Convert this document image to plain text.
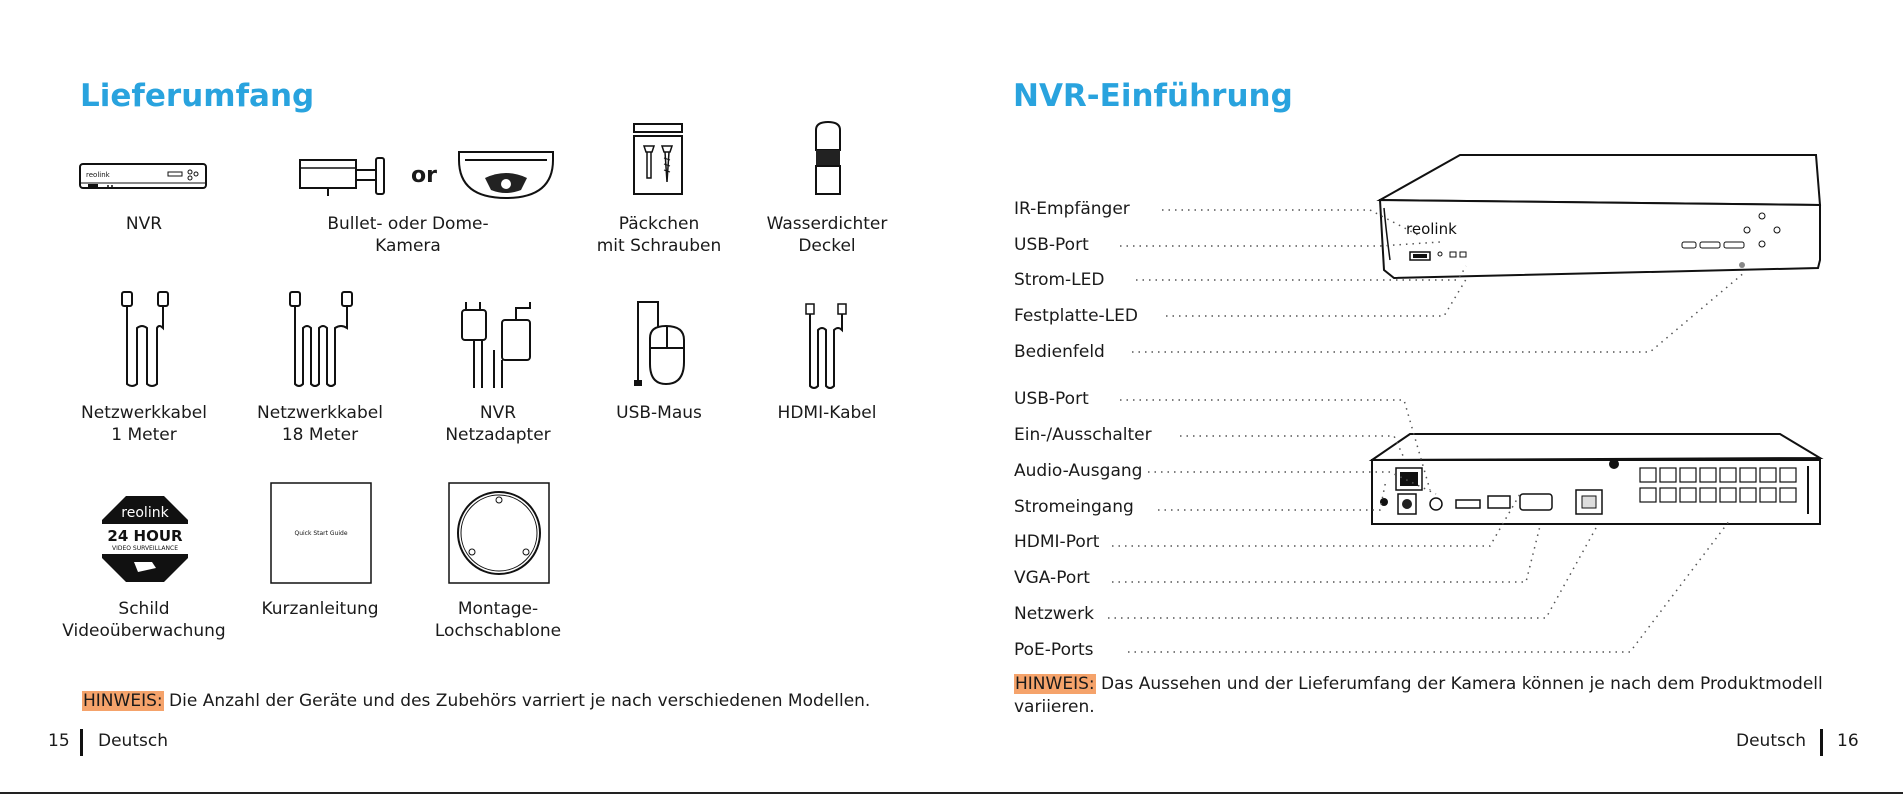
Lieferumfang
reolink	or
NVR	Bullet- oder Dome-Kamera
Päckchen
mit Schrauben
Wasserdichter
Deckel
Netzwerkkabel
1 Meter
Netzwerkkabel
18 Meter
NVR
Netzadapter
USB-Maus	HDMI-Kabel
reolink
24 HOUR
VIDEO SURVEILLANCE
Quick Start Guide
Schild
Videoüberwachung
Kurzanleitung	Montage-
Lochschablone
HINWEIS: Die Anzahl der Geräte und des Zubehörs varriert je nach verschiedenen Modellen.
15 Deutsch
NVR-Einführung
reolink
IR-Empfänger
USB-Port
Strom-LED
Festplatte-LED
Bedienfeld
USB-Port
Ein-/Ausschalter
Audio-Ausgang
Stromeingang
HDMI-Port
VGA-Port
Netzwerk
PoE-Ports
HINWEIS: Das Aussehen und der Lieferumfang der Kamera können je nach dem Produktmodell
variieren.
Deutsch 16
